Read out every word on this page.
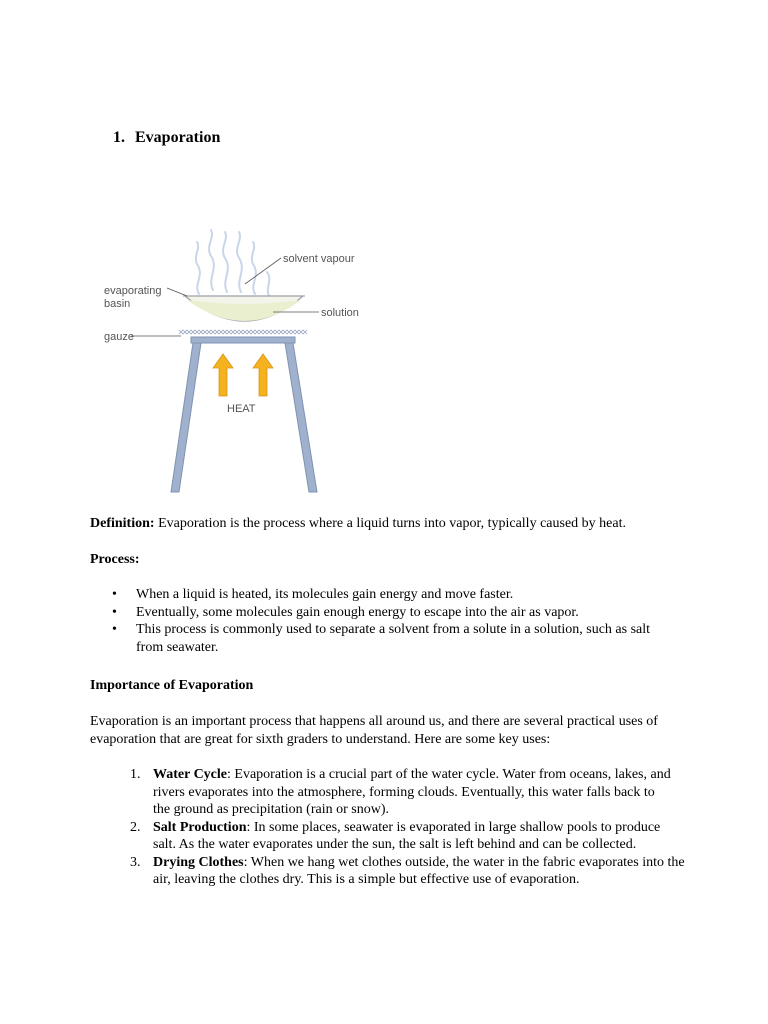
1. Evaporation
solvent vapour
evaporating
basin
solution
gauze
HEAT
Definition: Evaporation is the process where a liquid turns into vapor, typically caused by heat.
Process:
• When a liquid is heated, its molecules gain energy and move faster.
• Eventually, some molecules gain enough energy to escape into the air as vapor.
• This process is commonly used to separate a solvent from a solute in a solution, such as salt from seawater.
Importance of Evaporation
Evaporation is an important process that happens all around us, and there are several practical uses of evaporation that are great for sixth graders to understand. Here are some key uses:
1. Water Cycle: Evaporation is a crucial part of the water cycle. Water from oceans, lakes, and rivers evaporates into the atmosphere, forming clouds. Eventually, this water falls back to the ground as precipitation (rain or snow).
2. Salt Production: In some places, seawater is evaporated in large shallow pools to produce salt. As the water evaporates under the sun, the salt is left behind and can be collected.
3. Drying Clothes: When we hang wet clothes outside, the water in the fabric evaporates into the air, leaving the clothes dry. This is a simple but effective use of evaporation.
